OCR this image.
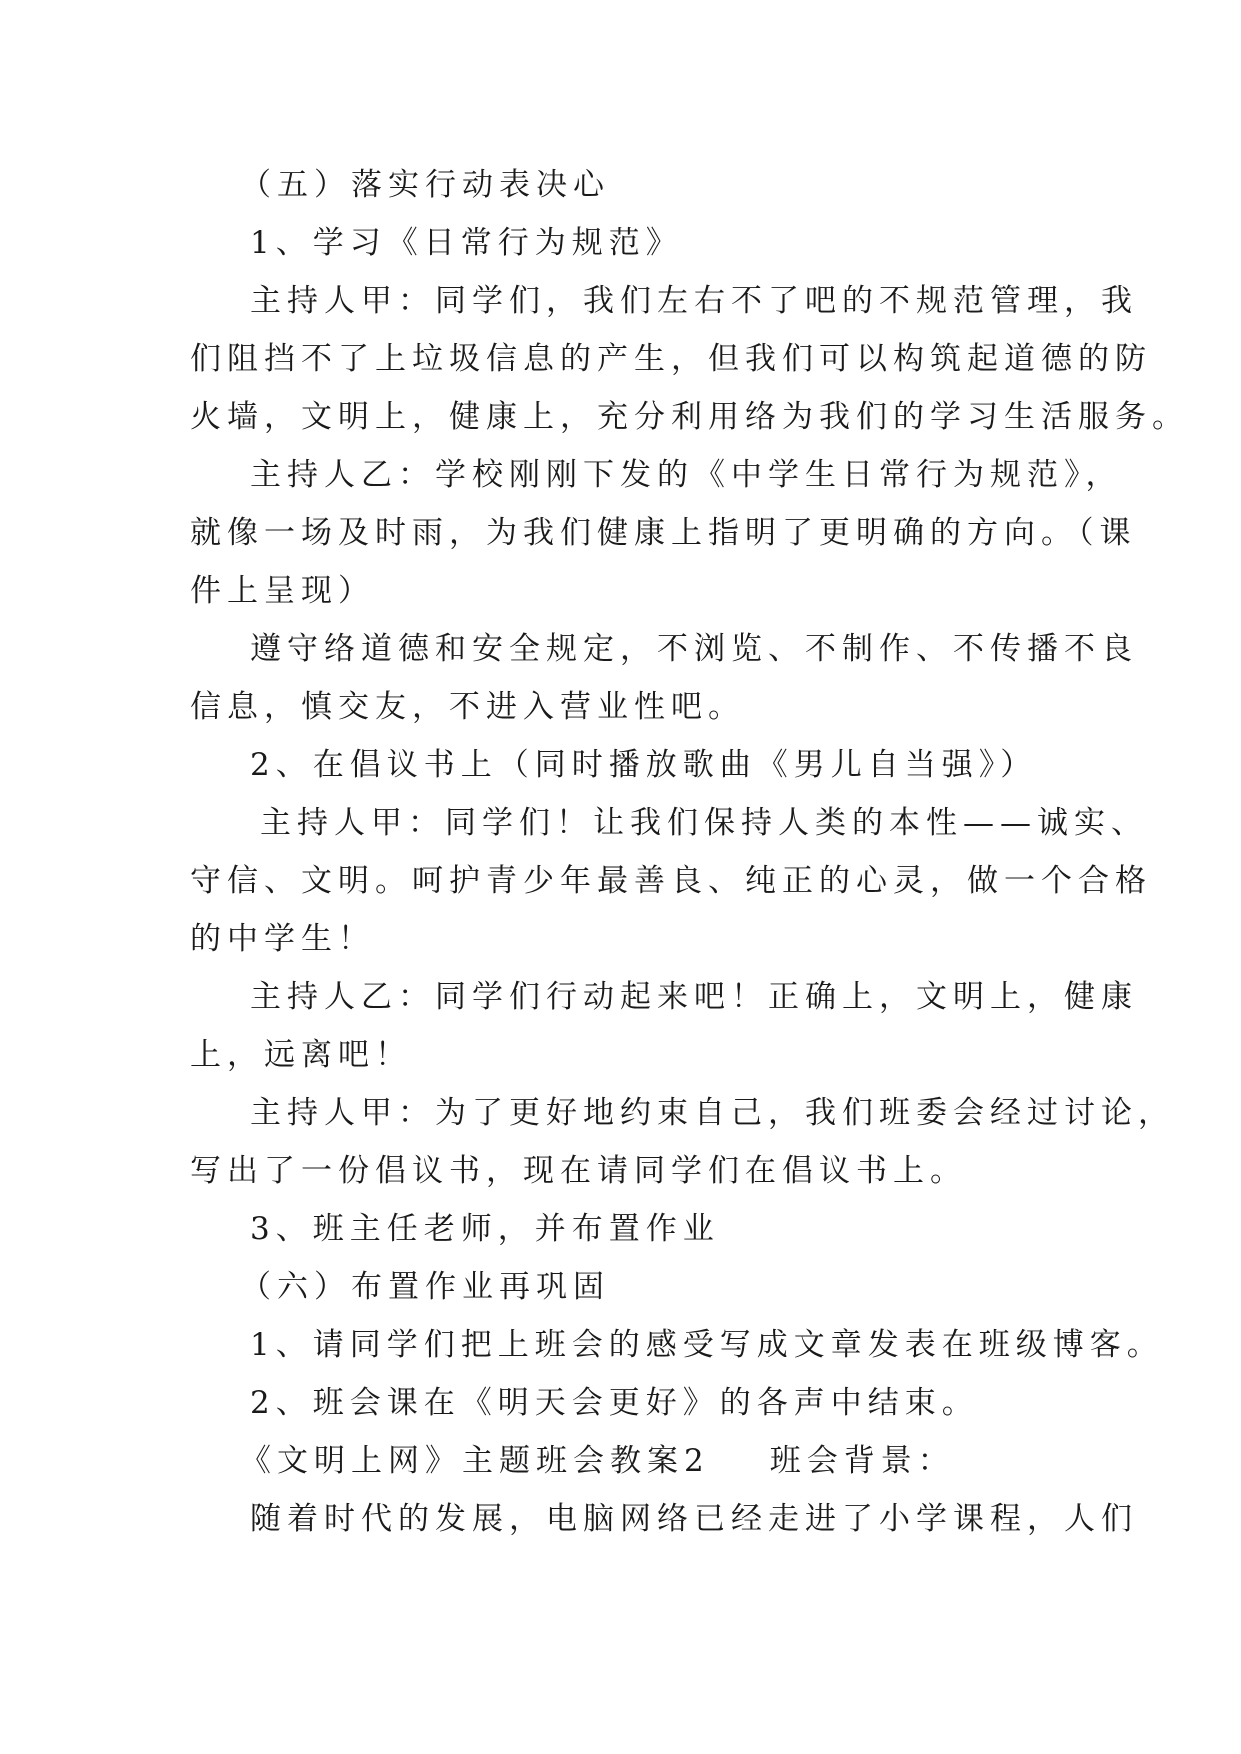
（五）落实行动表决心
1、学习《日常行为规范》
主持人甲：同学们，我们左右不了吧的不规范管理，我
们阻挡不了上垃圾信息的产生，但我们可以构筑起道德的防
火墙，文明上，健康上，充分利用络为我们的学习生活服务。
主持人乙：学校刚刚下发的《中学生日常行为规范》，
就像一场及时雨，为我们健康上指明了更明确的方向。（课
件上呈现）
遵守络道德和安全规定，不浏览、不制作、不传播不良
信息，慎交友，不进入营业性吧。
2、在倡议书上（同时播放歌曲《男儿自当强》）
主持人甲：同学们！让我们保持人类的本性——诚实、
守信、文明。呵护青少年最善良、纯正的心灵，做一个合格
的中学生！
主持人乙：同学们行动起来吧！正确上，文明上，健康
上，远离吧！
主持人甲：为了更好地约束自己，我们班委会经过讨论，
写出了一份倡议书，现在请同学们在倡议书上。
3、班主任老师，并布置作业
（六）布置作业再巩固
1、请同学们把上班会的感受写成文章发表在班级博客。
2、班会课在《明天会更好》的各声中结束。
《文明上网》主题班会教案2 班会背景：
随着时代的发展，电脑网络已经走进了小学课程，人们
